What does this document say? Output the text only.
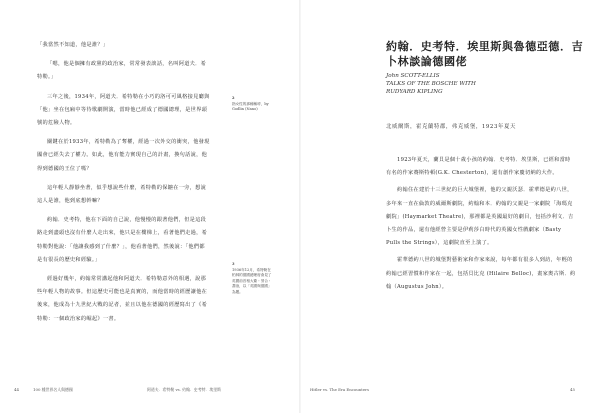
「我當然不知道，他是誰？」

「嗯，他是個擁有政黨的政治家，常常發表談話，名叫阿道夫．希特勒。」

三年之後，1934年，阿道夫．希特勒在小巧的洛可可風格接見廳與「他」坐在包廂中等待歌劇開演，當時他已經成了德國總理，是世界頭號的危險人物。

關鍵在於1933年，希特勒為了奪權，經過一次外交的衝突，他發現國會已經失去了權力。如此，他有能力實現自己的計畫，換句話說，他得到德國的王位了嗎？

這年輕人靜靜坐著，似乎想說些什麼，希特勒的保鑣在一旁，想說這人是誰，他到底想幹嘛？

約翰．史考特，他在下面的自己說，他慢慢的跟著他們，但是這段路走到盡頭也沒有什麼人走出來，他只是在樓梯上，看著他們走過，希特勒對他說：「他讓我感到了什麼？」，他看著他們，然後說：「他們都是有很長的歷史和經驗。」

經過好幾年，約翰常常講起他和阿道夫．希特勒意外的相遇，說那些年輕人物的故事。但這歷史可能也是真實的，而他當時的經歷讓他在後來，他成為十九世紀大戰的記者，並且以他在德國的經歷寫出了《希特勒：一個政治家的崛起》一書。

2
指女性的那種稱呼，by Godlin (Nano)
3
1936年12月，希特勒在柏林的德國總理府會見了英國前首相大衛・勞合・喬治，以「英國與德國」為題。
44	100 種世界名人與德國	阿道夫．希特勒 vs. 約翰．史考特．埃里斯
約翰．史考特．埃里斯與魯德亞德．吉卜林談論德國佬
John SCOTT-ELLIS
TALKS OF THE BOSCHE WITH
RUDYARD KIPLING
北威爾斯，霍克蘭特郡，弗克威堡，1923年夏天

1923年夏天，蘭貝是個十歲小孩的約翰．史考特．埃里斯，已經和當時有名的作家賽斯特頓(G.K. Chesterton)，還有創作家慶切納的大作。

約翰住在建於十三世紀的巨大城堡裡，他的父親沃瑟．霍華德是約八世，多年來一直在倫敦的威爾斯劇院，約翰和本．約翰的父親是一家劇院「海瑪克劇院」(Haymarket Theatre)，那裡都是英國最好的劇目，包括沙利文．吉卜生的作品，還有他經營主要是伊莉莎白時代的英國女性戲劇家（Basty Pulls the Strings），這劇院直至上演了。

霍華德約八世的城堡對藝術家和作家來說，每年都有很多人到訪，年輕的約翰已經習慣和作家在一起，包括貝比克 (Hilaire Belloc)，畫家奧古斯．約翰（Augustus John）。

Hitler vs. The Era Encounters	45
